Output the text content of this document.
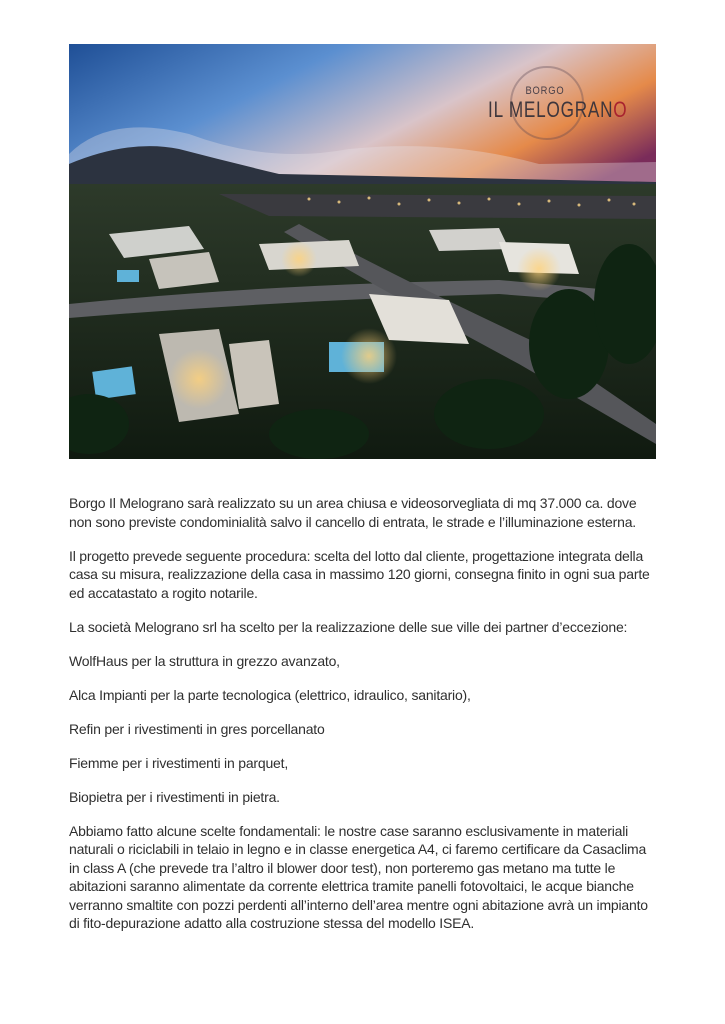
BORGO
IL MELOGRANO

Borgo Il Melograno sarà realizzato su un area chiusa e videosorvegliata di mq 37.000 ca. dove non sono previste condominialità salvo il cancello di entrata, le strade e l’illuminazione esterna.

Il progetto prevede seguente procedura: scelta del lotto dal cliente, progettazione integrata della casa su misura, realizzazione della casa in massimo 120 giorni, consegna finito in ogni sua parte ed accatastato a rogito notarile.

La società Melograno srl ha scelto per la realizzazione delle sue ville dei partner d’eccezione:

WolfHaus per la struttura in grezzo avanzato,

Alca Impianti per la parte tecnologica (elettrico, idraulico, sanitario),

Refin per i rivestimenti in gres porcellanato

Fiemme per i rivestimenti in parquet,

Biopietra per i rivestimenti in pietra.

Abbiamo fatto alcune scelte fondamentali: le nostre case saranno esclusivamente in materiali naturali o riciclabili in telaio in legno e in classe energetica A4, ci faremo certificare da Casaclima in class A (che prevede tra l’altro il blower door test), non porteremo gas metano ma tutte le abitazioni saranno alimentate da corrente elettrica tramite panelli fotovoltaici, le acque bianche verranno smaltite con pozzi perdenti all’interno dell’area mentre ogni abitazione avrà un impianto di fito-depurazione adatto alla costruzione stessa del modello ISEA.
